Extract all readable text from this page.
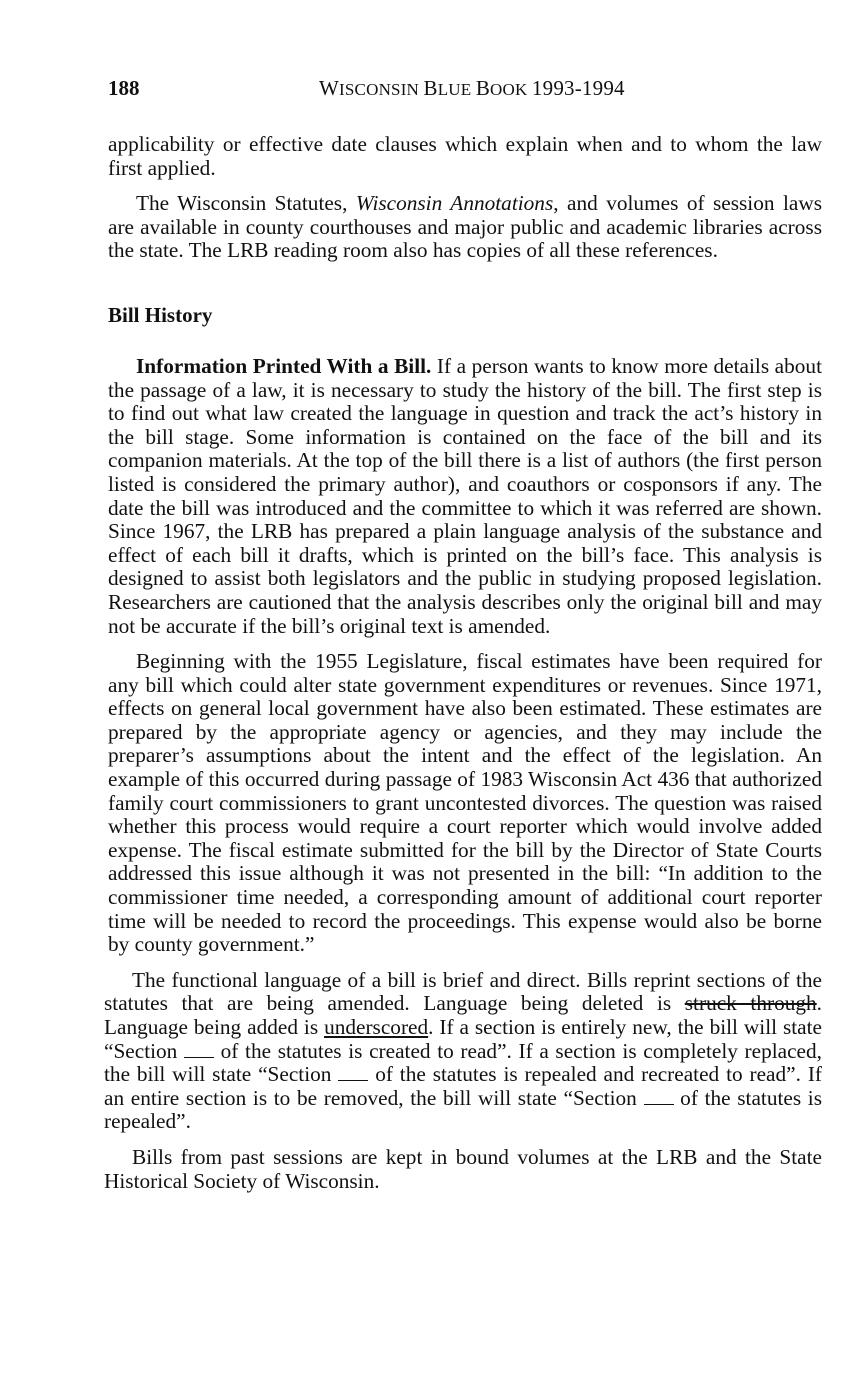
188	WISCONSIN BLUE BOOK 1993-1994

applicability or effective date clauses which explain when and to whom the law first applied.

The Wisconsin Statutes, Wisconsin Annotations, and volumes of session laws are available in county courthouses and major public and academic libraries across the state. The LRB reading room also has copies of all these references.

Bill History

Information Printed With a Bill. If a person wants to know more details about the passage of a law, it is necessary to study the history of the bill. The first step is to find out what law created the language in question and track the act’s history in the bill stage. Some information is contained on the face of the bill and its companion materials. At the top of the bill there is a list of authors (the first person listed is considered the primary author), and coauthors or cosponsors if any. The date the bill was introduced and the committee to which it was referred are shown. Since 1967, the LRB has prepared a plain language analysis of the substance and effect of each bill it drafts, which is printed on the bill’s face. This analysis is designed to assist both legislators and the public in studying proposed legislation. Researchers are cautioned that the analysis describes only the original bill and may not be accurate if the bill’s original text is amended.

Beginning with the 1955 Legislature, fiscal estimates have been required for any bill which could alter state government expenditures or revenues. Since 1971, effects on general local government have also been estimated. These estimates are prepared by the appropriate agency or agencies, and they may include the preparer’s assumptions about the intent and the effect of the legislation. An example of this occurred during passage of 1983 Wisconsin Act 436 that authorized family court commissioners to grant uncontested divorces. The question was raised whether this process would require a court reporter which would involve added expense. The fiscal estimate submitted for the bill by the Director of State Courts addressed this issue although it was not presented in the bill: “In addition to the commissioner time needed, a corresponding amount of additional court reporter time will be needed to record the proceedings. This expense would also be borne by county government.”

The functional language of a bill is brief and direct. Bills reprint sections of the statutes that are being amended. Language being deleted is struck through. Language being added is underscored. If a section is entirely new, the bill will state “Section  of the statutes is created to read”. If a section is completely replaced, the bill will state “Section  of the statutes is repealed and recreated to read”. If an entire section is to be removed, the bill will state “Section  of the statutes is repealed”.

Bills from past sessions are kept in bound volumes at the LRB and the State Historical Society of Wisconsin.
